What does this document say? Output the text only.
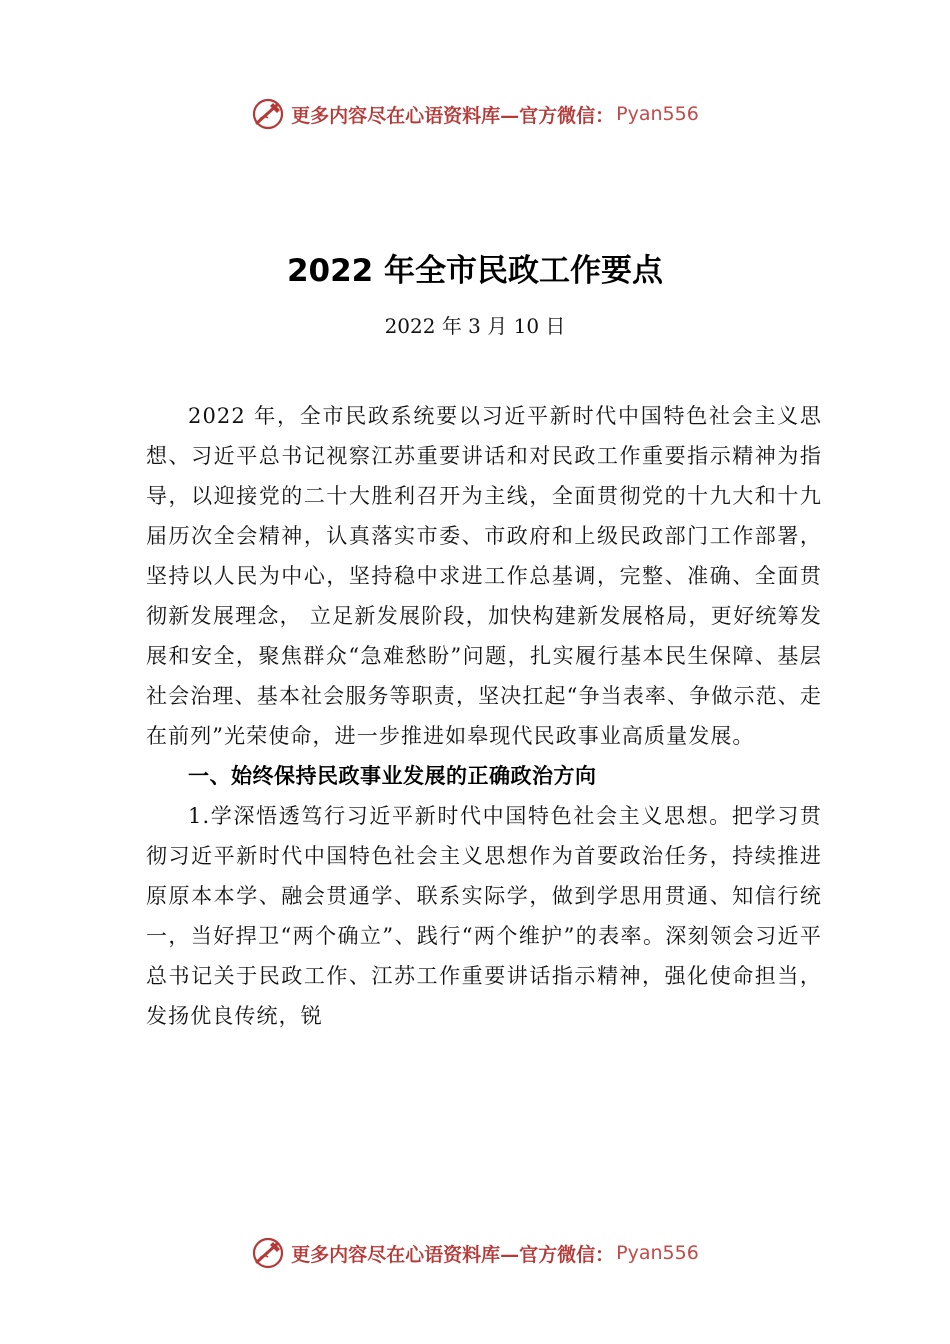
更多内容尽在心语资料库—官方微信： Pyan556
2022 年全市民政工作要点

2022 年 3 月 10 日

2022 年，全市民政系统要以习近平新时代中国特色社会主义思想、习近平总书记视察江苏重要讲话和对民政工作重要指示精神为指导，以迎接党的二十大胜利召开为主线，全面贯彻党的十九大和十九届历次全会精神，认真落实市委、市政府和上级民政部门工作部署，坚持以人民为中心，坚持稳中求进工作总基调，完整、准确、全面贯彻新发展理念， 立足新发展阶段，加快构建新发展格局，更好统筹发展和安全，聚焦群众“急难愁盼”问题，扎实履行基本民生保障、基层社会治理、基本社会服务等职责，坚决扛起“争当表率、争做示范、走在前列”光荣使命，进一步推进如皋现代民政事业高质量发展。

一、始终保持民政事业发展的正确政治方向

1.学深悟透笃行习近平新时代中国特色社会主义思想。把学习贯彻习近平新时代中国特色社会主义思想作为首要政治任务，持续推进原原本本学、融会贯通学、联系实际学，做到学思用贯通、知信行统一，当好捍卫“两个确立”、践行“两个维护”的表率。深刻领会习近平总书记关于民政工作、江苏工作重要讲话指示精神，强化使命担当，发扬优良传统，锐

更多内容尽在心语资料库—官方微信： Pyan556
